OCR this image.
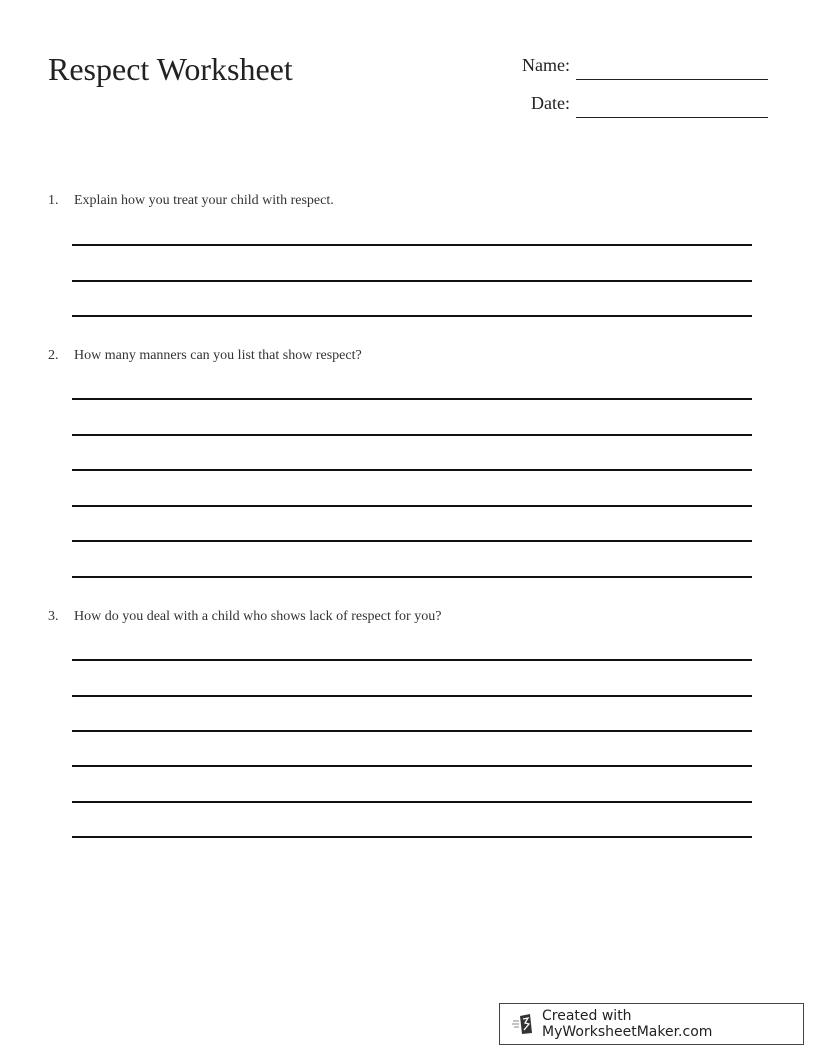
Respect Worksheet	Name:
Date:
1. Explain how you treat your child with respect.
2. How many manners can you list that show respect?
3. How do you deal with a child who shows lack of respect for you?
Created with MyWorksheetMaker.com
